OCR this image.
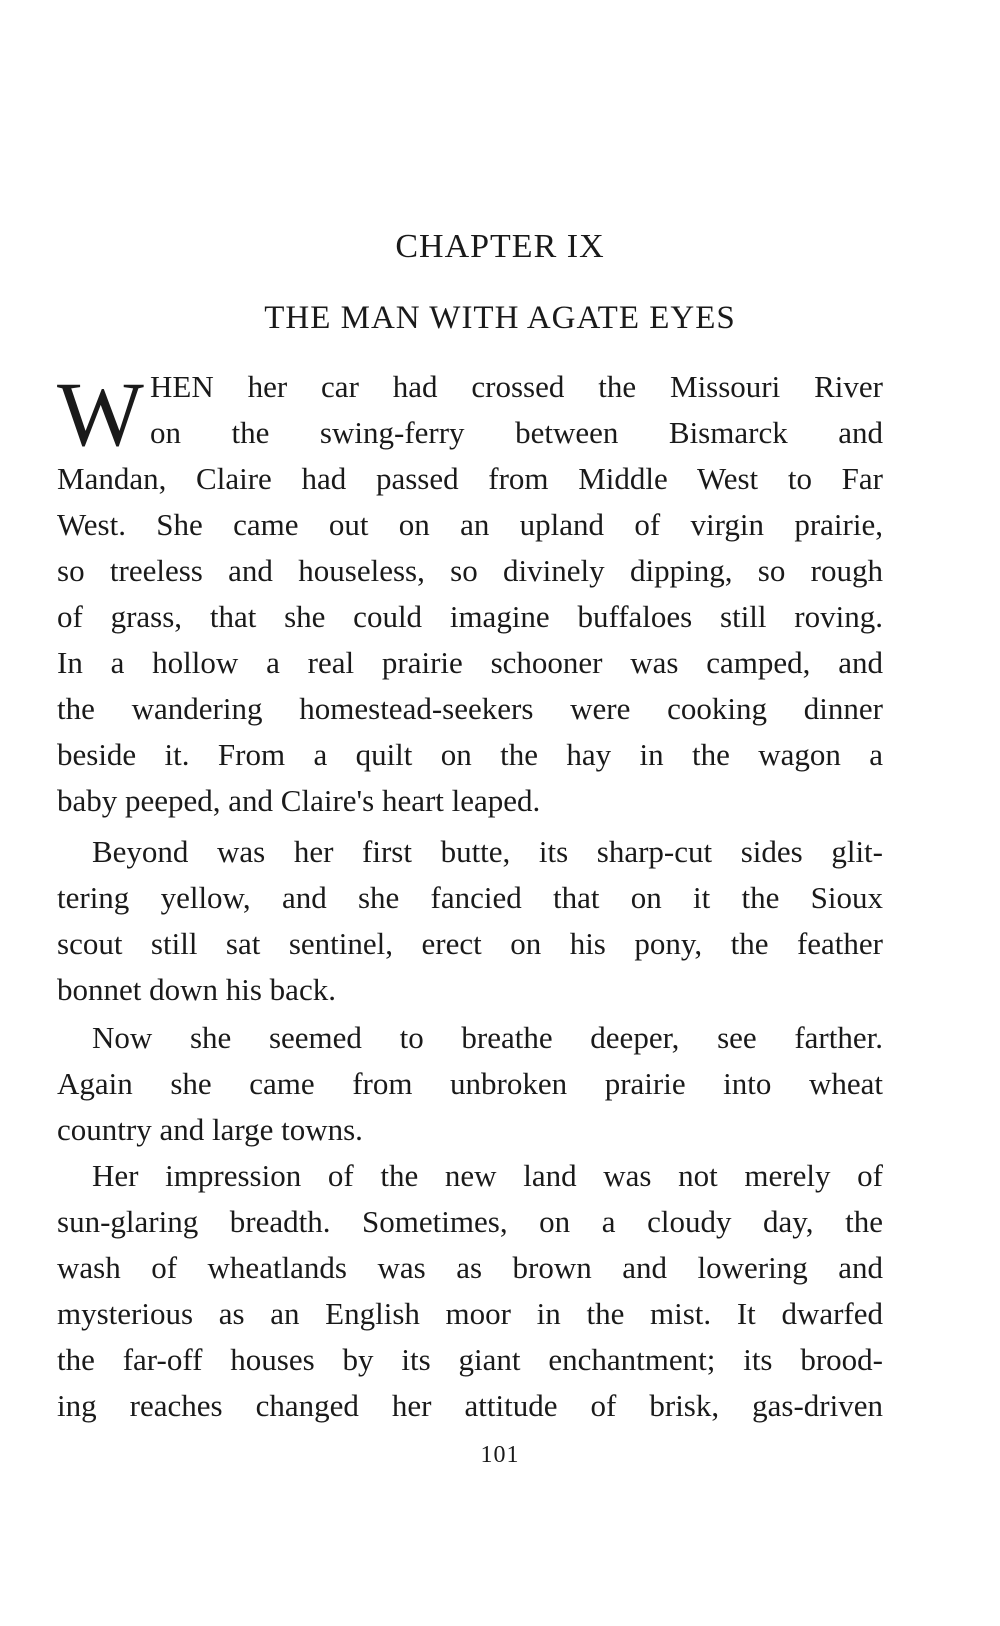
CHAPTER IX
THE MAN WITH AGATE EYES
W HEN her car had crossed the Missouri River
on the swing-ferry between Bismarck and
Mandan, Claire had passed from Middle West to Far
West. She came out on an upland of virgin prairie,
so treeless and houseless, so divinely dipping, so rough
of grass, that she could imagine buffaloes still roving.
In a hollow a real prairie schooner was camped, and
the wandering homestead-seekers were cooking dinner
beside it. From a quilt on the hay in the wagon a
baby peeped, and Claire's heart leaped.
Beyond was her first butte, its sharp-cut sides glit-
tering yellow, and she fancied that on it the Sioux
scout still sat sentinel, erect on his pony, the feather
bonnet down his back.
Now she seemed to breathe deeper, see farther.
Again she came from unbroken prairie into wheat
country and large towns.
Her impression of the new land was not merely of
sun-glaring breadth. Sometimes, on a cloudy day, the
wash of wheatlands was as brown and lowering and
mysterious as an English moor in the mist. It dwarfed
the far-off houses by its giant enchantment; its brood-
ing reaches changed her attitude of brisk, gas-driven
101
